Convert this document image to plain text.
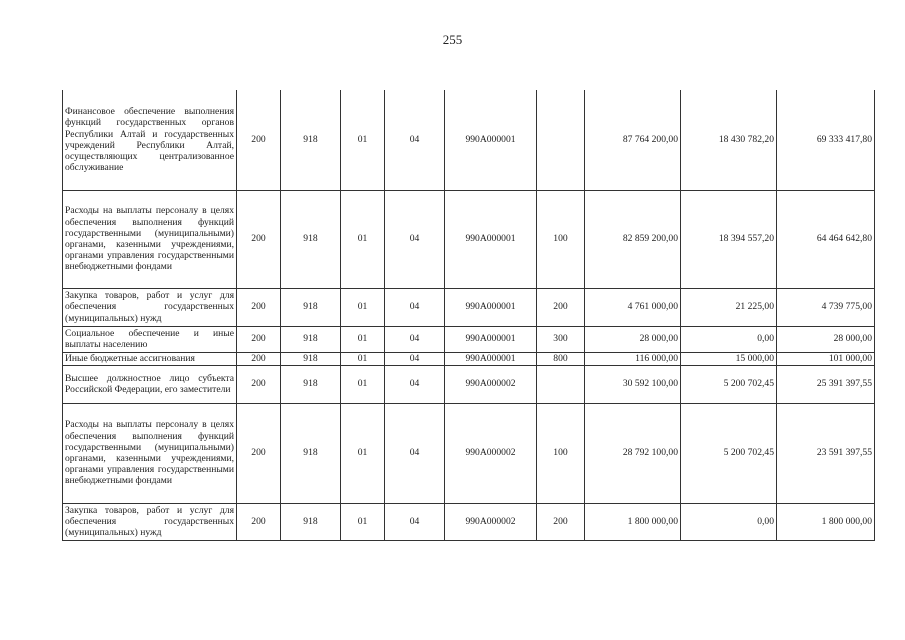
255
Финансовое обеспечение выполнения функций государственных органов Республики Алтай и государственных учреждений Республики Алтай, осуществляющих централизованное обслуживание	200	918	01	04	990А000001		87 764 200,00	18 430 782,20	69 333 417,80
Расходы на выплаты персоналу в целях обеспечения выполнения функций государственными (муниципальными) органами, казенными учреждениями, органами управления государственными внебюджетными фондами	200	918	01	04	990А000001	100	82 859 200,00	18 394 557,20	64 464 642,80
Закупка товаров, работ и услуг для обеспечения государственных (муниципальных) нужд	200	918	01	04	990А000001	200	4 761 000,00	21 225,00	4 739 775,00
Социальное обеспечение и иные выплаты населению	200	918	01	04	990А000001	300	28 000,00	0,00	28 000,00
Иные бюджетные ассигнования	200	918	01	04	990А000001	800	116 000,00	15 000,00	101 000,00
Высшее должностное лицо субъекта Российской Федерации, его заместители	200	918	01	04	990А000002		30 592 100,00	5 200 702,45	25 391 397,55
Расходы на выплаты персоналу в целях обеспечения выполнения функций государственными (муниципальными) органами, казенными учреждениями, органами управления государственными внебюджетными фондами	200	918	01	04	990А000002	100	28 792 100,00	5 200 702,45	23 591 397,55
Закупка товаров, работ и услуг для обеспечения государственных (муниципальных) нужд	200	918	01	04	990А000002	200	1 800 000,00	0,00	1 800 000,00
